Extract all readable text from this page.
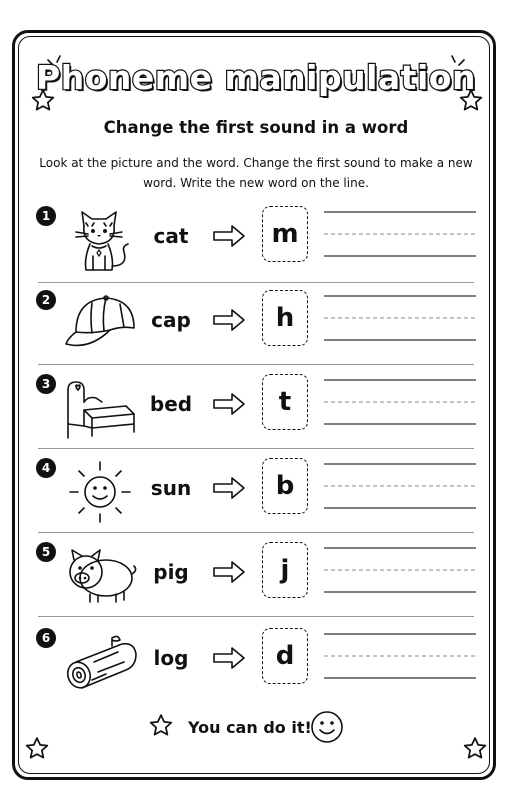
Phoneme manipulation
Change the first sound in a word
Look at the picture and the word. Change the first sound to make a new word. Write the new word on the line.
1
cat	m
2
cap	h
3
bed	t
4
sun	b
5
pig	j
6
log	d
You can do it!
